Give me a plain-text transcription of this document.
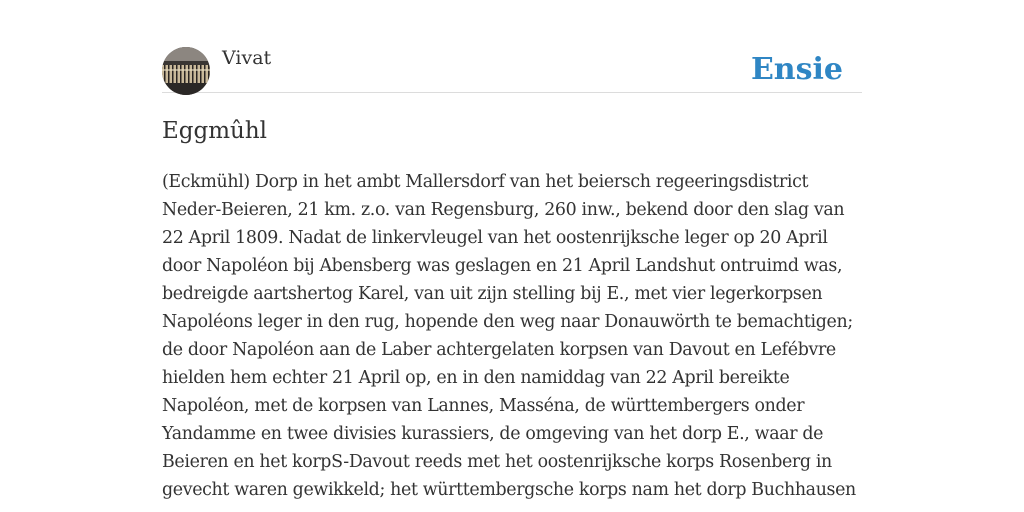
Vivat	Ensie
Eggmûhl

(Eckmühl) Dorp in het ambt Mallersdorf van het beiersch regeeringsdistrict
Neder-Beieren, 21 km. z.o. van Regensburg, 260 inw., bekend door den slag van
22 April 1809. Nadat de linkervleugel van het oostenrijksche leger op 20 April
door Napoléon bij Abensberg was geslagen en 21 April Landshut ontruimd was,
bedreigde aartshertog Karel, van uit zijn stelling bij E., met vier legerkorpsen
Napoléons leger in den rug, hopende den weg naar Donauwörth te bemachtigen;
de door Napoléon aan de Laber achtergelaten korpsen van Davout en Lefébvre
hielden hem echter 21 April op, en in den namiddag van 22 April bereikte
Napoléon, met de korpsen van Lannes, Masséna, de württembergers onder
Yandamme en twee divisies kurassiers, de omgeving van het dorp E., waar de
Beieren en het korpS-Davout reeds met het oostenrijksche korps Rosenberg in
gevecht waren gewikkeld; het württembergsche korps nam het dorp Buchhausen
